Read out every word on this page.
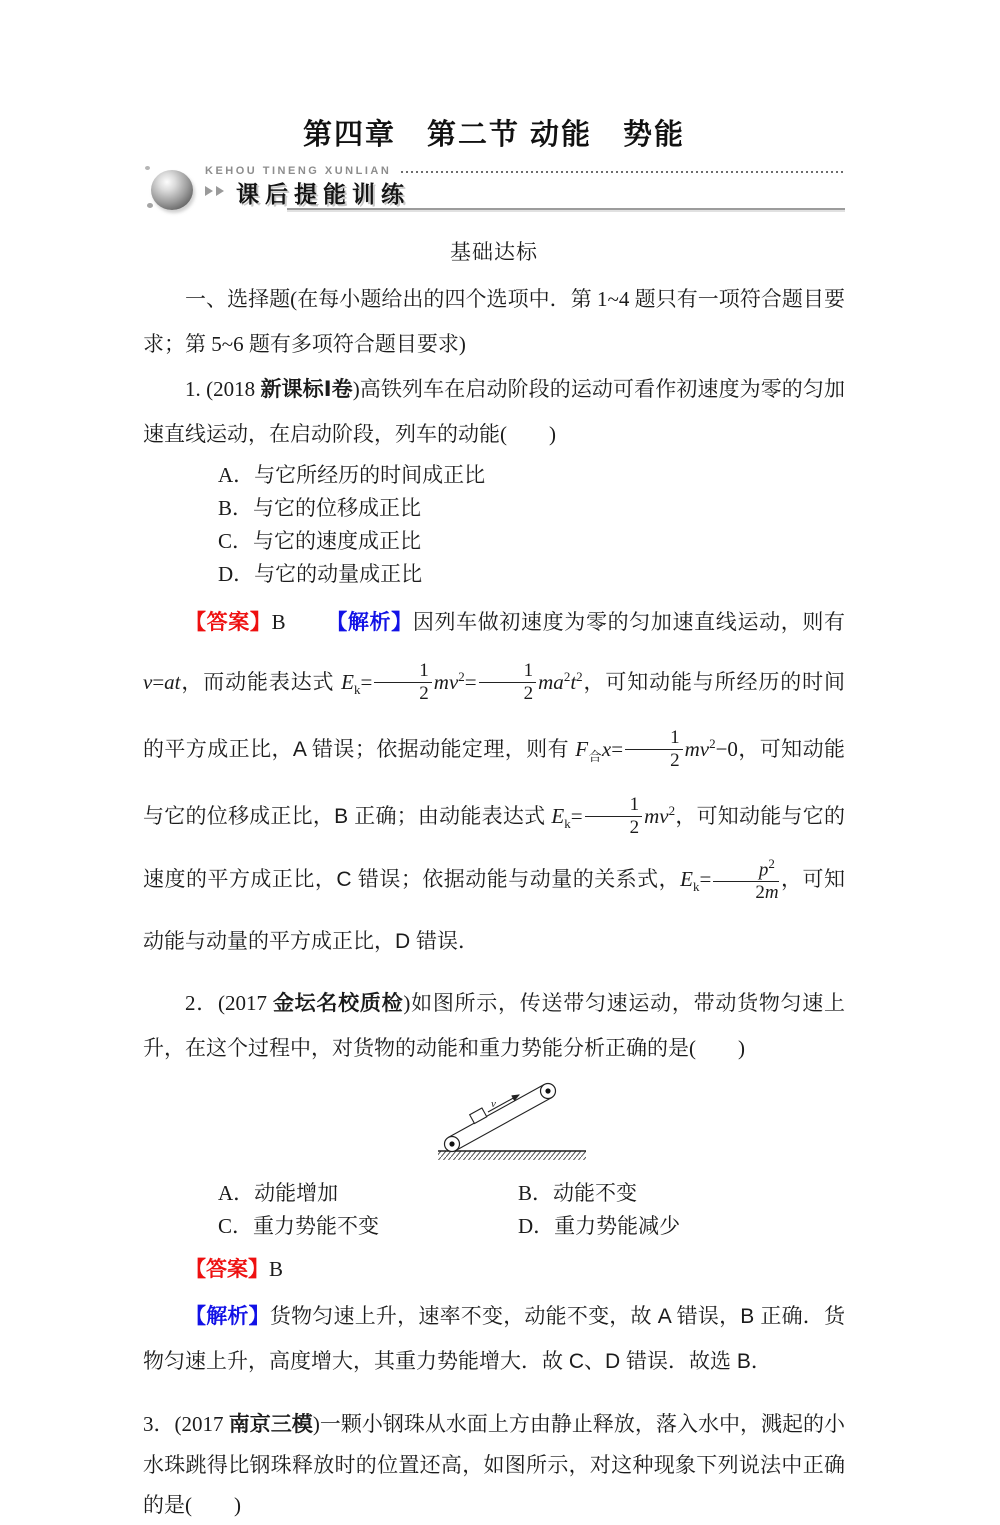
第四章　第二节 动能　势能
KEHOU TINENG XUNLIAN
课后提能训练
基础达标

一、选择题(在每小题给出的四个选项中．第 1~4 题只有一项符合题目要求；第 5~6 题有多项符合题目要求)

1. (2018 新课标Ⅰ卷)高铁列车在启动阶段的运动可看作初速度为零的匀加速直线运动，在启动阶段，列车的动能(　　)

A．与它所经历的时间成正比
B．与它的位移成正比
C．与它的速度成正比
D．与它的动量成正比

【答案】B 【解析】因列车做初速度为零的匀加速直线运动，则有 v=at，而动能表达式 $E_k= \frac{1}{2} mv^2= \frac{1}{2} ma^2t^2$，可知动能与所经历的时间的平方成正比，A 错误；依据动能定理，则有 $F_合x= \frac{1}{2} mv^2-0$，可知动能与它的位移成正比，B 正确；由动能表达式 $E_k= \frac{1}{2} mv^2$，可知动能与它的速度的平方成正比，C 错误；依据动能与动量的关系式，$E_k= \frac{p^2}{2m}$ ，可知动能与动量的平方成正比，D 错误．

2．(2017 金坛名校质检)如图所示，传送带匀速运动，带动货物匀速上升，在这个过程中，对货物的动能和重力势能分析正确的是(　　)

v
A．动能增加	B．动能不变
C．重力势能不变	D．重力势能减少

【答案】B

【解析】货物匀速上升，速率不变，动能不变，故 A 错误，B 正确．货物匀速上升，高度增大，其重力势能增大．故 C、D 错误．故选 B．

3．(2017 南京三模)一颗小钢珠从水面上方由静止释放，落入水中，溅起的小水珠跳得比钢珠释放时的位置还高，如图所示，对这种现象下列说法中正确的是(　　)
